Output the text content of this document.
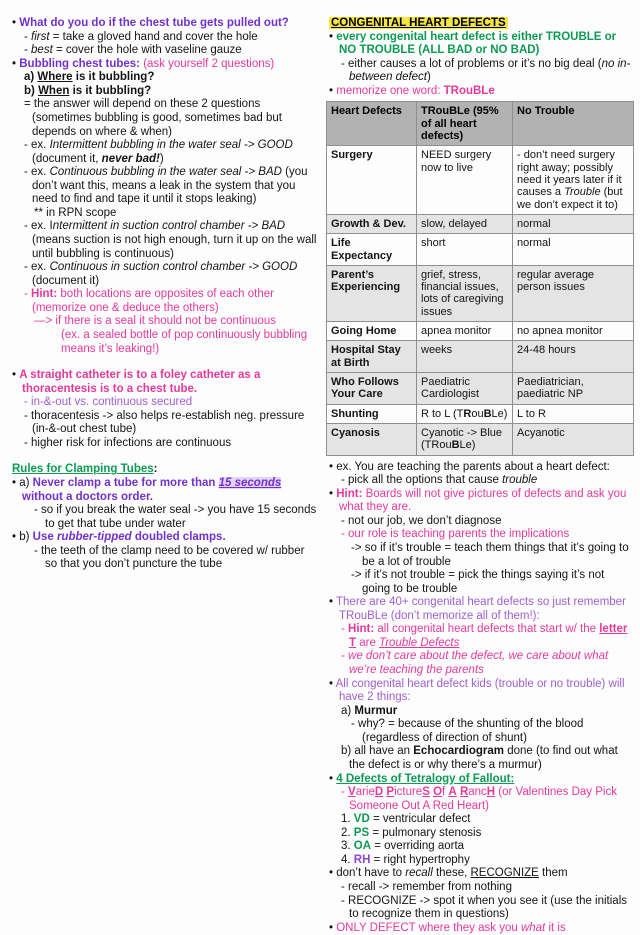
• What do you do if the chest tube gets pulled out?
- first = take a gloved hand and cover the hole
- best = cover the hole with vaseline gauze
• Bubbling chest tubes: (ask yourself 2 questions)
a) Where is it bubbling?
b) When is it bubbling?
= the answer will depend on these 2 questions (sometimes bubbling is good, sometimes bad but depends on where & when)
- ex. Intermittent bubbling in the water seal -> GOOD (document it, never bad!)
- ex. Continuous bubbling in the water seal -> BAD (you don’t want this, means a leak in the system that you need to find and tape it until it stops leaking)
** in RPN scope
- ex. Intermittent in suction control chamber -> BAD (means suction is not high enough, turn it up on the wall until bubbling is continuous)
- ex. Continuous in suction control chamber -> GOOD (document it)
- Hint: both locations are opposites of each other (memorize one & deduce the others)
—> if there is a seal it should not be continuous
(ex. a sealed bottle of pop continuously bubbling means it’s leaking!)
• A straight catheter is to a foley catheter as a thoracentesis is to a chest tube.
- in-&-out vs. continuous secured
- thoracentesis -> also helps re-establish neg. pressure (in-&-out chest tube)
- higher risk for infections are continuous
Rules for Clamping Tubes:
• a) Never clamp a tube for more than 15 seconds without a doctors order.
- so if you break the water seal -> you have 15 seconds to get that tube under water
• b) Use rubber-tipped doubled clamps.
- the teeth of the clamp need to be covered w/ rubber so that you don’t puncture the tube
CONGENITAL HEART DEFECTS
• every congenital heart defect is either TROUBLE or NO TROUBLE (ALL BAD or NO BAD)
- either causes a lot of problems or it’s no big deal (no in-between defect)
• memorize one word: TRouBLe
Heart Defects	TRouBLe (95% of all heart defects)	No Trouble
Surgery	NEED surgery now to live	- don’t need surgery right away; possibly need it years later if it causes a Trouble (but we don’t expect it to)
Growth & Dev.	slow, delayed	normal
Life Expectancy	short	normal
Parent’s Experiencing	grief, stress, financial issues, lots of caregiving issues	regular average person issues
Going Home	apnea monitor	no apnea monitor
Hospital Stay at Birth	weeks	24-48 hours
Who Follows Your Care	Paediatric Cardiologist	Paediatrician, paediatric NP
Shunting	R to L (TRouBLe)	L to R
Cyanosis	Cyanotic -> Blue (TRouBLe)	Acyanotic
• ex. You are teaching the parents about a heart defect:
- pick all the options that cause trouble
• Hint: Boards will not give pictures of defects and ask you what they are.
- not our job, we don’t diagnose
- our role is teaching parents the implications
-> so if it’s trouble = teach them things that it’s going to be a lot of trouble
-> if it’s not trouble = pick the things saying it’s not going to be trouble
• There are 40+ congenital heart defects so just remember TRouBLe (don’t memorize all of them!):
- Hint: all congenital heart defects that start w/ the letter T are Trouble Defects
- we don’t care about the defect, we care about what we’re teaching the parents
• All congenital heart defect kids (trouble or no trouble) will have 2 things:
a) Murmur
- why? = because of the shunting of the blood (regardless of direction of shunt)
b) all have an Echocardiogram done (to find out what the defect is or why there’s a murmur)
• 4 Defects of Tetralogy of Fallout:
- VarieD PictureS Of A RancH (or Valentines Day Pick Someone Out A Red Heart)
1. VD = ventricular defect
2. PS = pulmonary stenosis
3. OA = overriding aorta
4. RH = right hypertrophy
• don’t have to recall these, RECOGNIZE them
- recall -> remember from nothing
- RECOGNIZE -> spot it when you see it (use the initials to recognize them in questions)
• ONLY DEFECT where they ask you what it is
